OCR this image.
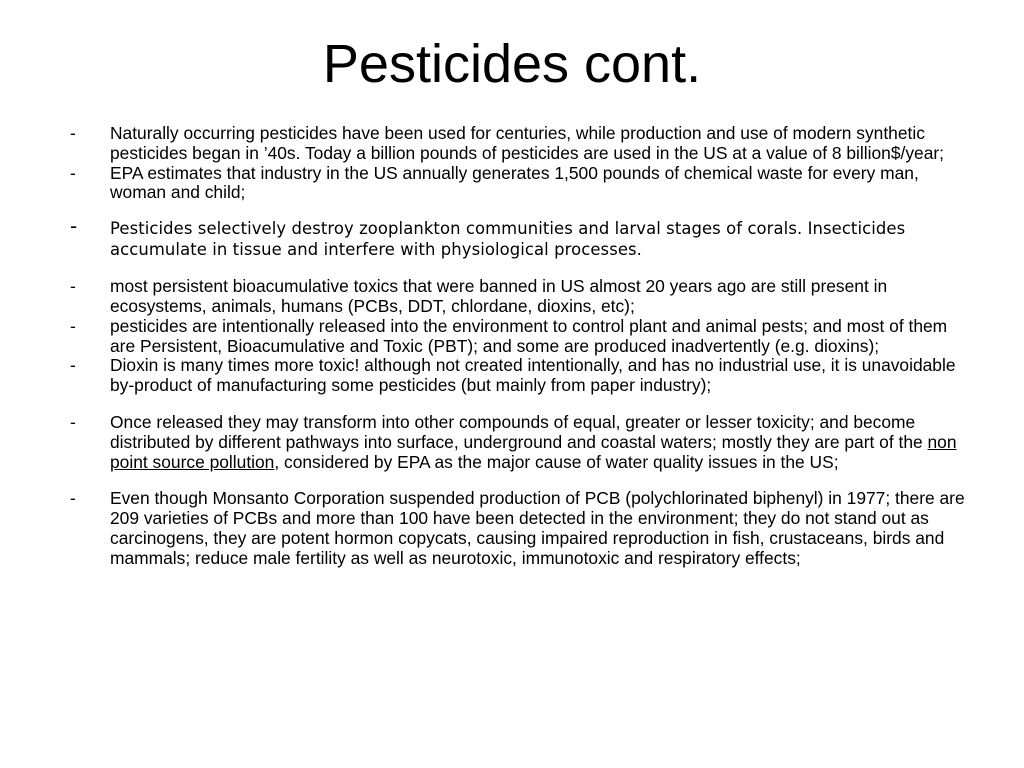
Pesticides cont.
- Naturally occurring pesticides have been used for centuries, while production and use of modern synthetic pesticides began in ’40s. Today a billion pounds of pesticides are used in the US at a value of 8 billion$/year;
- EPA estimates that industry in the US annually generates 1,500 pounds of chemical waste for every man, woman and child;
- Pesticides selectively destroy zooplankton communities and larval stages of corals. Insecticides accumulate in tissue and interfere with physiological processes.
- most persistent bioacumulative toxics that were banned in US almost 20 years ago are still present in ecosystems, animals, humans (PCBs, DDT, chlordane, dioxins, etc);
- pesticides are intentionally released into the environment to control plant and animal pests; and most of them are Persistent, Bioacumulative and Toxic (PBT); and some are produced inadvertently (e.g. dioxins);
- Dioxin is many times more toxic! although not created intentionally, and has no industrial use, it is unavoidable by-product of manufacturing some pesticides (but mainly from paper industry);
- Once released they may transform into other compounds of equal, greater or lesser toxicity; and become distributed by different pathways into surface, underground and coastal waters; mostly they are part of the non point source pollution, considered by EPA as the major cause of water quality issues in the US;
- Even though Monsanto Corporation suspended production of PCB (polychlorinated biphenyl) in 1977; there are 209 varieties of PCBs and more than 100 have been detected in the environment; they do not stand out as carcinogens, they are potent hormon copycats, causing impaired reproduction in fish, crustaceans, birds and mammals; reduce male fertility as well as neurotoxic, immunotoxic and respiratory effects;
